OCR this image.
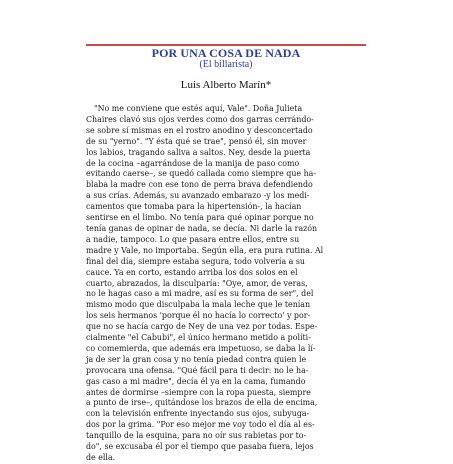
POR UNA COSA DE NADA
(El billarista)
Luis Alberto Marín*
"No me conviene que estés aquí, Vale". Doña Julieta
Chaires clavó sus ojos verdes como dos garras cerrándo-
se sobre sí mismas en el rostro anodino y desconcertado
de su "yerno". "Y ésta qué se trae", pensó él, sin mover
los labios, tragando saliva a saltos. Ney, desde la puerta
de la cocina –agarrándose de la manija de paso como
evitando caerse–, se quedó callada como siempre que ha-
blaba la madre con ese tono de perra brava defendiendo
a sus crías. Además, su avanzado embarazo -y los medi-
camentos que tomaba para la hipertensión-, la hacían
sentirse en el limbo. No tenía para qué opinar porque no
tenía ganas de opinar de nada, se decía. Ni darle la razón
a nadie, tampoco. Lo que pasara entre ellos, entre su
madre y Vale, no importaba. Según ella, era pura rutina. Al
final del día, siempre estaba segura, todo volvería a su
cauce. Ya en corto, estando arriba los dos solos en el
cuarto, abrazados, la disculparía: "Oye, amor, de veras,
no le hagas caso a mi madre, así es su forma de ser", del
mismo modo que disculpaba la mala leche que le tenían
los seis hermanos 'porque él no hacía lo correcto' y por-
que no se hacía cargo de Ney de una vez por todas. Espe-
cialmente "el Cabubi", el único hermano metido a políti-
co comemierda, que además era impetuoso, se daba la lí-
ja de ser la gran cosa y no tenía piedad contra quien le
provocara una ofensa. "Qué fácil para ti decir: no le ha-
gas caso a mi madre", decía él ya en la cama, fumando
antes de dormirse –siempre con la ropa puesta, siempre
a punto de irse–, quitándose los brazos de ella de encima,
con la televisión enfrente inyectando sus ojos, subyuga-
dos por la grima. "Por eso mejor me voy todo el día al es-
tanquillo de la esquina, para no oír sus rabietas por to-
do", se excusaba él por el tiempo que pasaba fuera, lejos
de ella.
